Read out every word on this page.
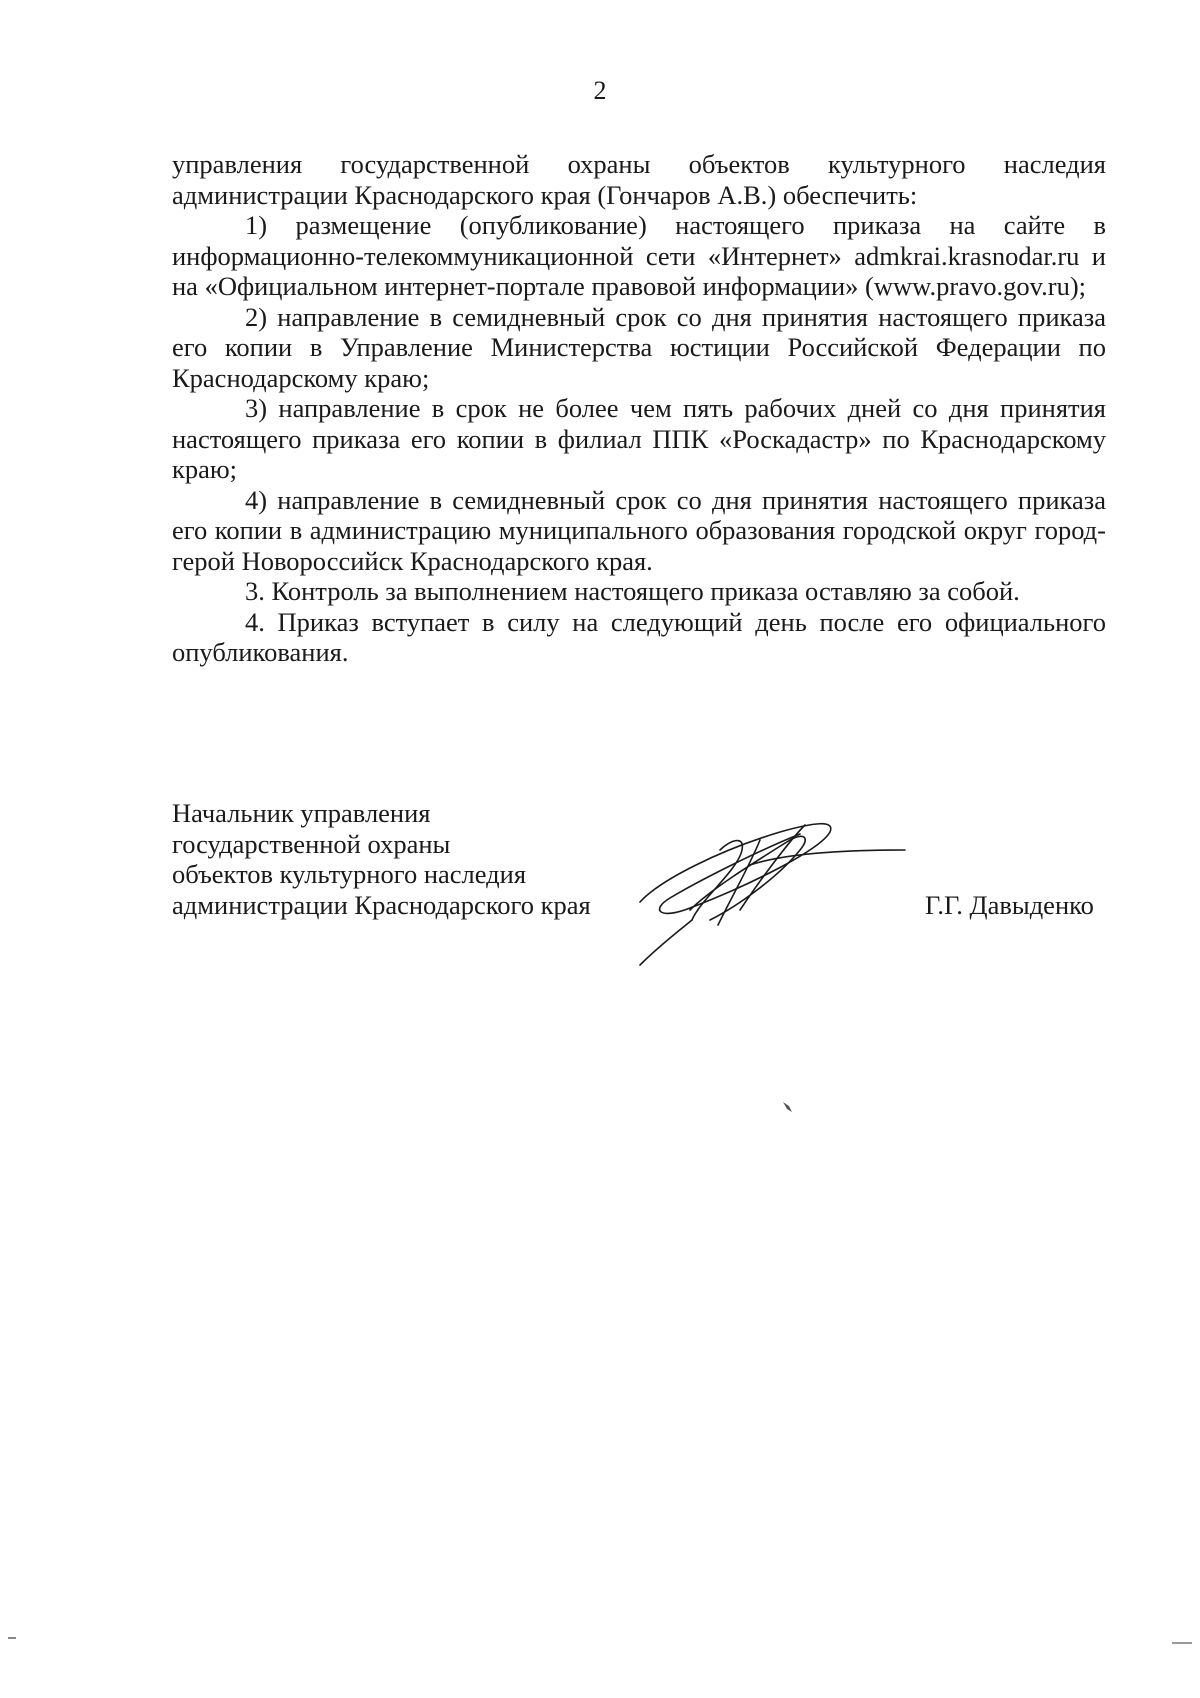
2

управления государственной охраны объектов культурного наследия администрации Краснодарского края (Гончаров А.В.) обеспечить:

1) размещение (опубликование) настоящего приказа на сайте в информационно-телекоммуникационной сети «Интернет» admkrai.krasnodar.ru и на «Официальном интернет-портале правовой информации» (www.pravo.gov.ru);

2) направление в семидневный срок со дня принятия настоящего приказа его копии в Управление Министерства юстиции Российской Федерации по Краснодарскому краю;

3) направление в срок не более чем пять рабочих дней со дня принятия настоящего приказа его копии в филиал ППК «Роскадастр» по Краснодарскому краю;

4) направление в семидневный срок со дня принятия настоящего приказа его копии в администрацию муниципального образования городской округ город-герой Новороссийск Краснодарского края.

3. Контроль за выполнением настоящего приказа оставляю за собой.

4. Приказ вступает в силу на следующий день после его официального опубликования.

Начальник управления
государственной охраны
объектов культурного наследия
администрации Краснодарского края	Г.Г. Давыденко
